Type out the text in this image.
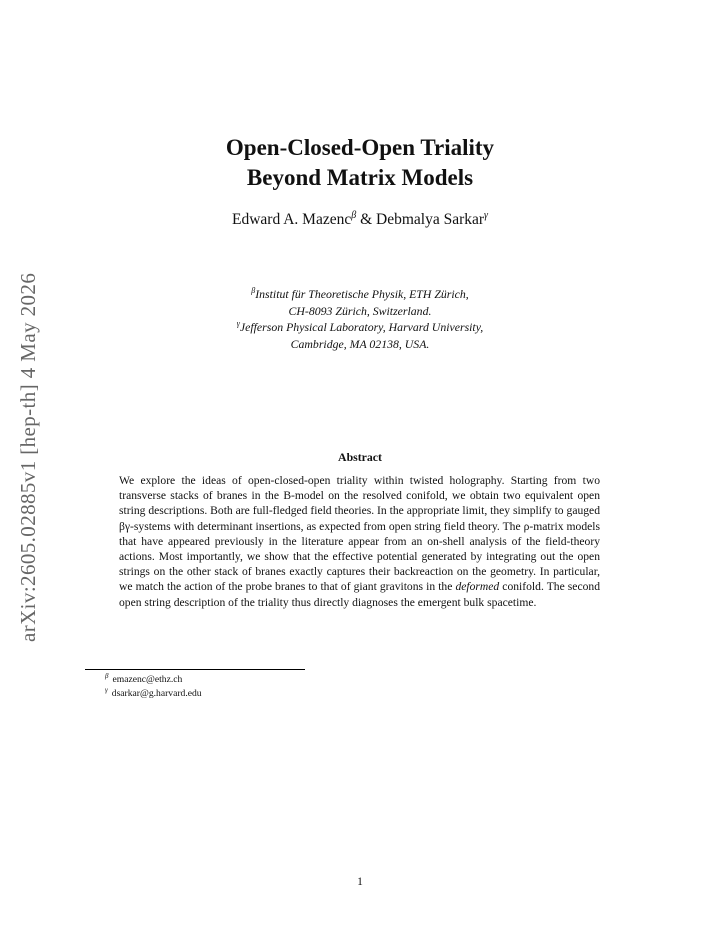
arXiv:2605.02885v1 [hep-th] 4 May 2026
Open-Closed-Open Triality
Beyond Matrix Models
Edward A. Mazenc$^\beta$ & Debmalya Sarkar$^\gamma$
$^\beta$Institut für Theoretische Physik, ETH Zürich,
CH-8093 Zürich, Switzerland.
$^\gamma$Jefferson Physical Laboratory, Harvard University,
Cambridge, MA 02138, USA.
Abstract
We explore the ideas of open-closed-open triality within twisted holography. Starting from two transverse stacks of branes in the B-model on the resolved conifold, we obtain two equivalent open string descriptions. Both are full-fledged field theories. In the appropriate limit, they simplify to gauged βγ-systems with determinant insertions, as expected from open string field theory. The ρ-matrix models that have appeared previously in the literature appear from an on-shell analysis of the field-theory actions. Most importantly, we show that the effective potential generated by integrating out the open strings on the other stack of branes exactly captures their backreaction on the geometry. In particular, we match the action of the probe branes to that of giant gravitons in the deformed conifold. The second open string description of the triality thus directly diagnoses the emergent bulk spacetime.
$^\beta$ emazenc@ethz.ch
$^\gamma$ dsarkar@g.harvard.edu
1
